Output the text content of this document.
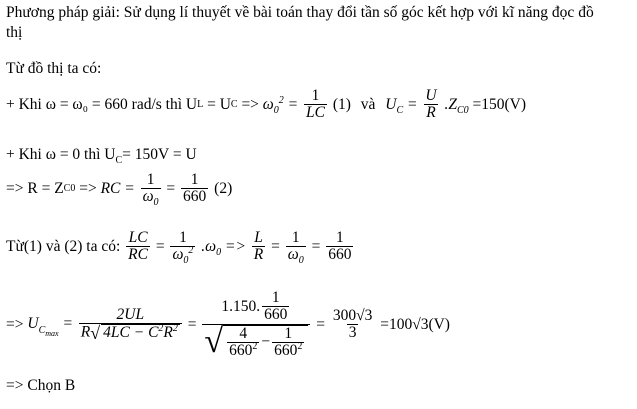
Phương pháp giải: Sử dụng lí thuyết về bài toán thay đổi tần số góc kết hợp với kĩ năng đọc đồ
thị
Từ đồ thị ta có:
+ Khi ω = ω₀ = 660 rad/s thì UL = UC => $\omega_0^2 = \frac{1}{LC} (1)$ và $U_C = \frac{U}{R} .Z_{C0} =150(V)$
+ Khi ω = 0 thì $U_C= 150V = U$
=> R = ZC0 => RC = $\frac{1}{\omega_0} = \frac{1}{660} (2)$
Từ(1) và (2) ta có: $\frac{LC}{RC} = \frac{1}{\omega_0^2} .\omega_0 => \frac{L}{R} = \frac{1}{\omega_0} = \frac{1}{660}$
=> $U_{C_{max}} = \frac{2UL}{R √ 4LC - C^2R^2} = \frac{1.150. \frac{1}{660}}{√ \frac{4}{660^2} - \frac{1}{660^2}} = \frac{300√3}{3} =100√3(V)$
=> Chọn B
